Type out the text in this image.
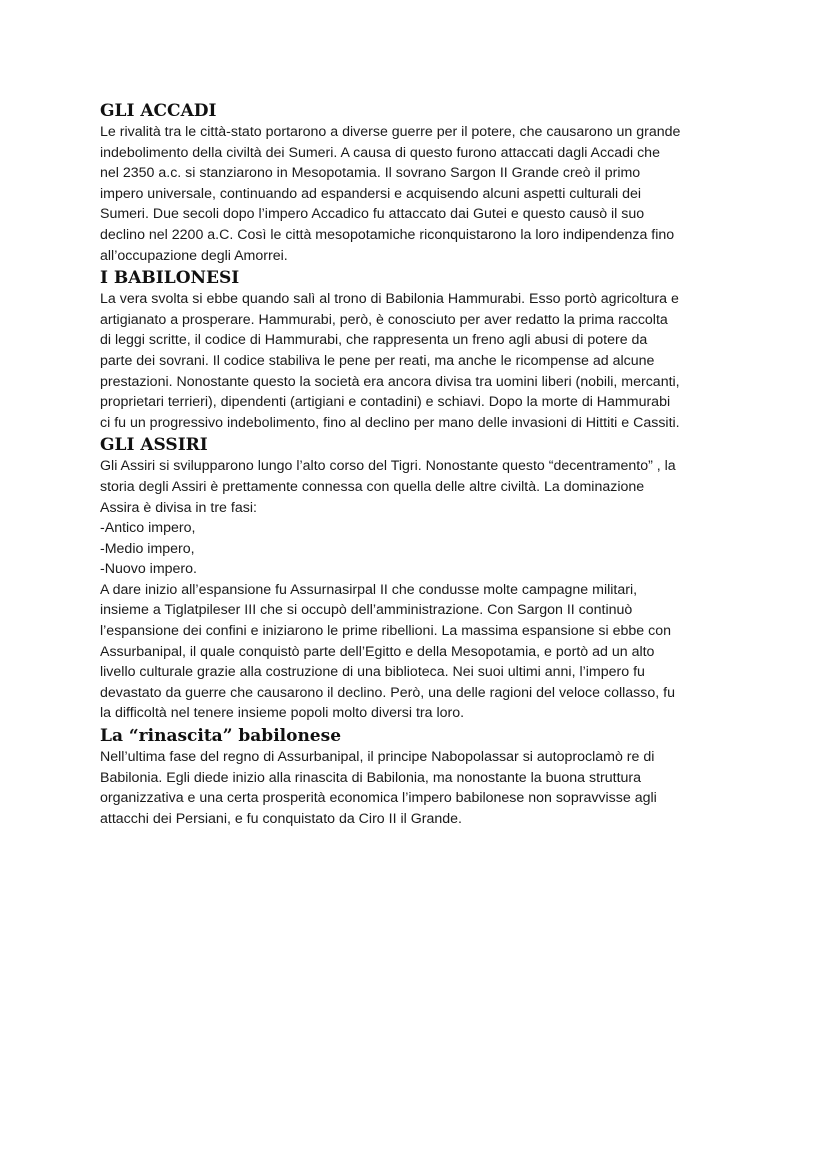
GLI ACCADI

Le rivalità tra le città-stato portarono a diverse guerre per il potere, che causarono un grande
indebolimento della civiltà dei Sumeri. A causa di questo furono attaccati dagli Accadi che
nel 2350 a.c. si stanziarono in Mesopotamia. Il sovrano Sargon II Grande creò il primo
impero universale, continuando ad espandersi e acquisendo alcuni aspetti culturali dei
Sumeri. Due secoli dopo l’impero Accadico fu attaccato dai Gutei e questo causò il suo
declino nel 2200 a.C. Così le città mesopotamiche riconquistarono la loro indipendenza fino
all’occupazione degli Amorrei.

I BABILONESI

La vera svolta si ebbe quando salì al trono di Babilonia Hammurabi. Esso portò agricoltura e
artigianato a prosperare. Hammurabi, però, è conosciuto per aver redatto la prima raccolta
di leggi scritte, il codice di Hammurabi, che rappresenta un freno agli abusi di potere da
parte dei sovrani. Il codice stabiliva le pene per reati, ma anche le ricompense ad alcune
prestazioni. Nonostante questo la società era ancora divisa tra uomini liberi (nobili, mercanti,
proprietari terrieri), dipendenti (artigiani e contadini) e schiavi. Dopo la morte di Hammurabi
ci fu un progressivo indebolimento, fino al declino per mano delle invasioni di Hittiti e Cassiti.

GLI ASSIRI

Gli Assiri si svilupparono lungo l’alto corso del Tigri. Nonostante questo “decentramento” , la
storia degli Assiri è prettamente connessa con quella delle altre civiltà. La dominazione
Assira è divisa in tre fasi:
-Antico impero,
-Medio impero,
-Nuovo impero.
A dare inizio all’espansione fu Assurnasirpal II che condusse molte campagne militari,
insieme a Tiglatpileser III che si occupò dell’amministrazione. Con Sargon II continuò
l’espansione dei confini e iniziarono le prime ribellioni. La massima espansione si ebbe con
Assurbanipal, il quale conquistò parte dell’Egitto e della Mesopotamia, e portò ad un alto
livello culturale grazie alla costruzione di una biblioteca. Nei suoi ultimi anni, l’impero fu
devastato da guerre che causarono il declino. Però, una delle ragioni del veloce collasso, fu
la difficoltà nel tenere insieme popoli molto diversi tra loro.

La “rinascita” babilonese

Nell’ultima fase del regno di Assurbanipal, il principe Nabopolassar si autoproclamò re di
Babilonia. Egli diede inizio alla rinascita di Babilonia, ma nonostante la buona struttura
organizzativa e una certa prosperità economica l’impero babilonese non sopravvisse agli
attacchi dei Persiani, e fu conquistato da Ciro II il Grande.
